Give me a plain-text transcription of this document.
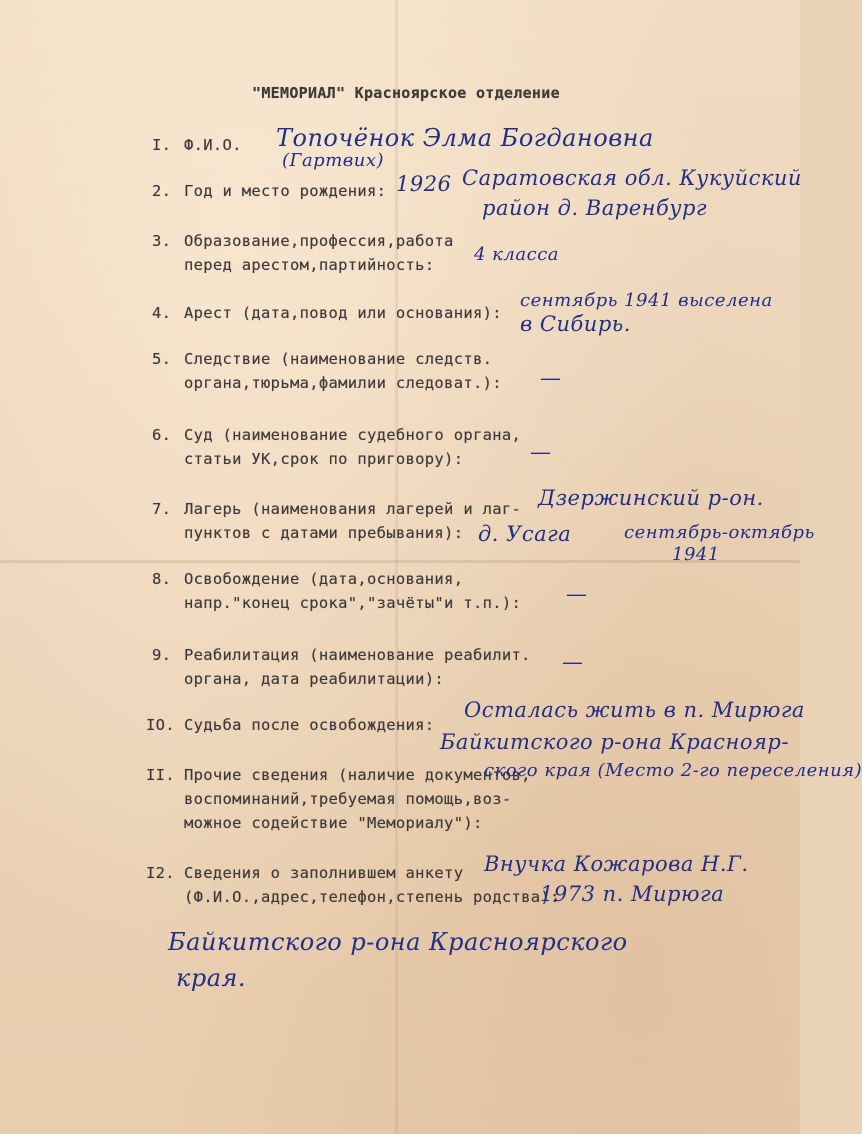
"МЕМОРИАЛ" Красноярское отделение
I. Ф.И.О.
2. Год и место рождения:
3. Образование,профессия,работа
перед арестом,партийность:
4. Арест (дата,повод или основания):
5. Следствие (наименование следств.
органа,тюрьма,фамилии следоват.):
6. Суд (наименование судебного органа,
статьи УК,срок по приговору):
7. Лагерь (наименования лагерей и лаг-
пунктов с датами пребывания):
8. Освобождение (дата,основания,
напр."конец срока","зачёты"и т.п.):
9. Реабилитация (наименование реабилит.
органа, дата реабилитации):
IO. Судьба после освобождения:
II. Прочие сведения (наличие документов,
воспоминаний,требуемая помощь,воз-
можное содействие "Мемориалу"):
I2. Сведения о заполнившем анкету
(Ф.И.О.,адрес,телефон,степень родства):
Топочёнок Элма Богдановна
(Гартвих)
1926 Саратовская обл. Кукуйский
район д. Варенбург
4 класса
сентябрь 1941 выселена
в Сибирь.
—
—
Дзержинский р-он.
д. Усага	сентябрь-октябрь
1941
—
—
Осталась жить в п. Мирюга
Байкитского р-она Краснояр-
ского края (Место 2-го переселения)
Внучка Кожарова Н.Г.
1973 п. Мирюга
Байкитского р-она Красноярского
края.
